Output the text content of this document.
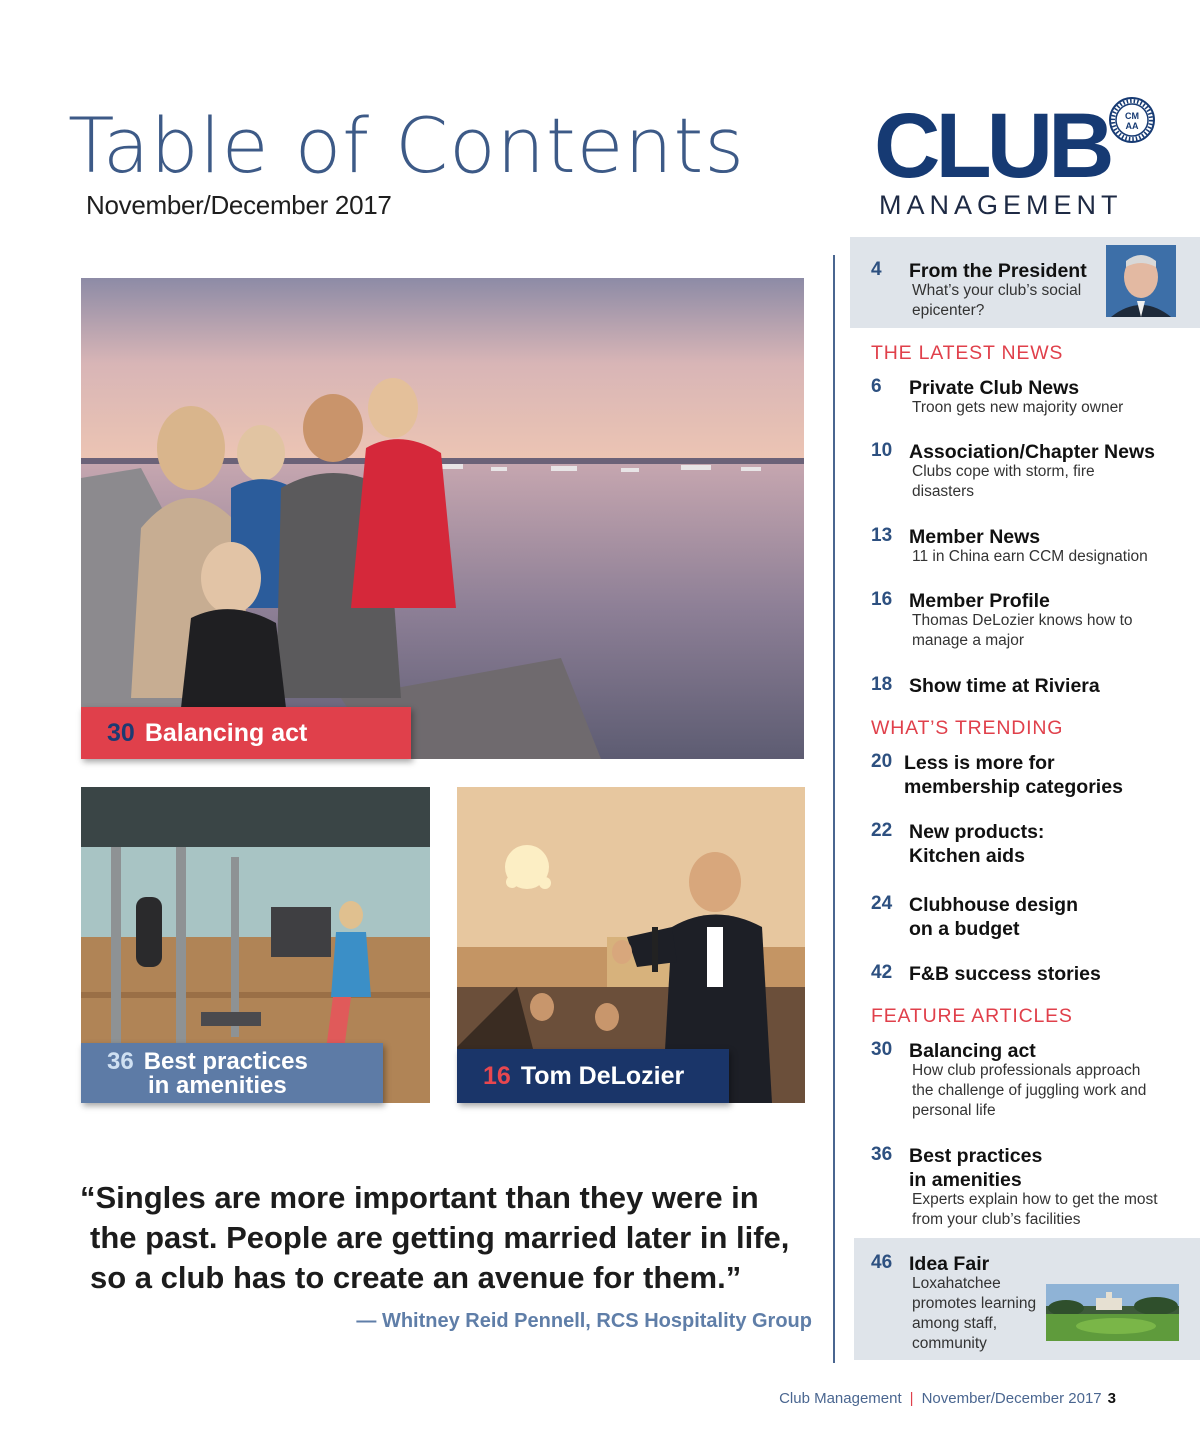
Table of Contents
November/December 2017
CLUB
MANAGEMENT
CM
AA
30 Balancing act
36 Best practices
in amenities	16 Tom DeLozier
“Singles are more important than they were in
the past. People are getting married later in life,
so a club has to create an avenue for them.”
— Whitney Reid Pennell, RCS Hospitality Group
4 From the President
What’s your club’s social
epicenter?
THE LATEST NEWS
6 Private Club News
Troon gets new majority owner
10 Association/Chapter News
Clubs cope with storm, fire
disasters
13 Member News
11 in China earn CCM designation
16 Member Profile
Thomas DeLozier knows how to
manage a major
18 Show time at Riviera
WHAT’S TRENDING
20 Less is more for
membership categories
22 New products:
Kitchen aids
24 Clubhouse design
on a budget
42 F&B success stories
FEATURE ARTICLES
30 Balancing act
How club professionals approach
the challenge of juggling work and
personal life
36 Best practices
in amenities
Experts explain how to get the most
from your club’s facilities
46 Idea Fair
Loxahatchee
promotes learning
among staff,
community
Club Management | November/December 2017 3
